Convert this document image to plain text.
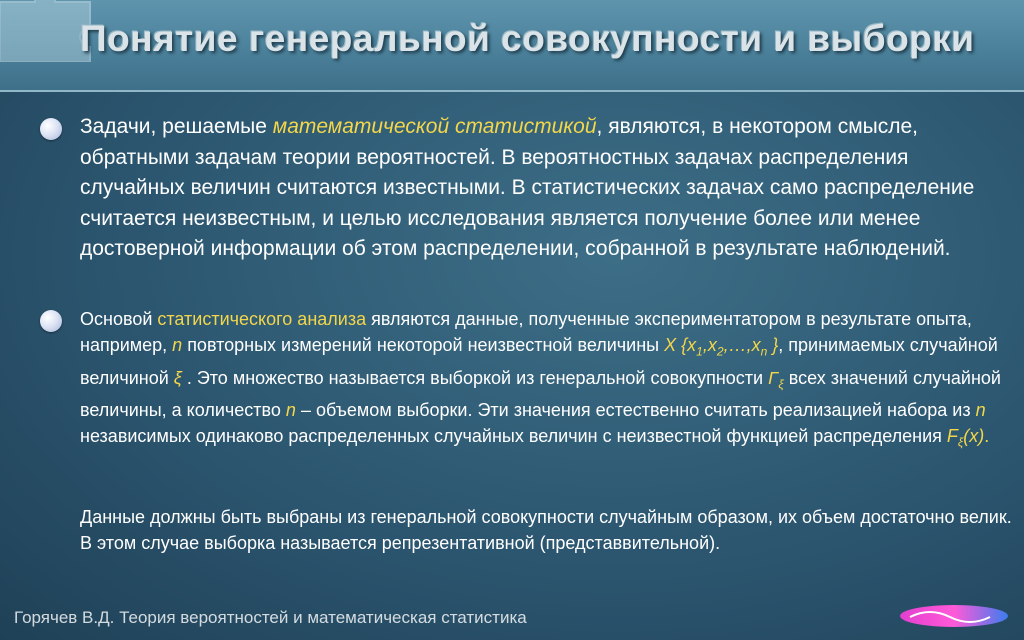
Понятие генеральной совокупности и выборки
Задачи, решаемые математической статистикой, являются, в некотором смысле, обратными задачам теории вероятностей. В вероятностных задачах распределения случайных величин считаются известными. В статистических задачах само распределение считается неизвестным, и целью исследования является получение более или менее достоверной информации об этом распределении, собранной в результате наблюдений.
Основой статистического анализа являются данные, полученные экспериментатором в результате опыта, например, n повторных измерений некоторой неизвестной величины X {$x_1,x_2,\dots,x_n$ }, принимаемых случайной величиной ξ . Это множество называется выборкой из генеральной совокупности $\Gamma_\xi$ всех значений случайной величины, а количество n – объемом выборки. Эти значения естественно считать реализацией набора из n независимых одинаково распределенных случайных величин с неизвестной функцией распределения $F_\xi(x)$.
Данные должны быть выбраны из генеральной совокупности случайным образом, их объем достаточно велик. В этом случае выборка называется репрезентативной (представвительной).
Горячев В.Д. Теория вероятностей и математическая статистика
